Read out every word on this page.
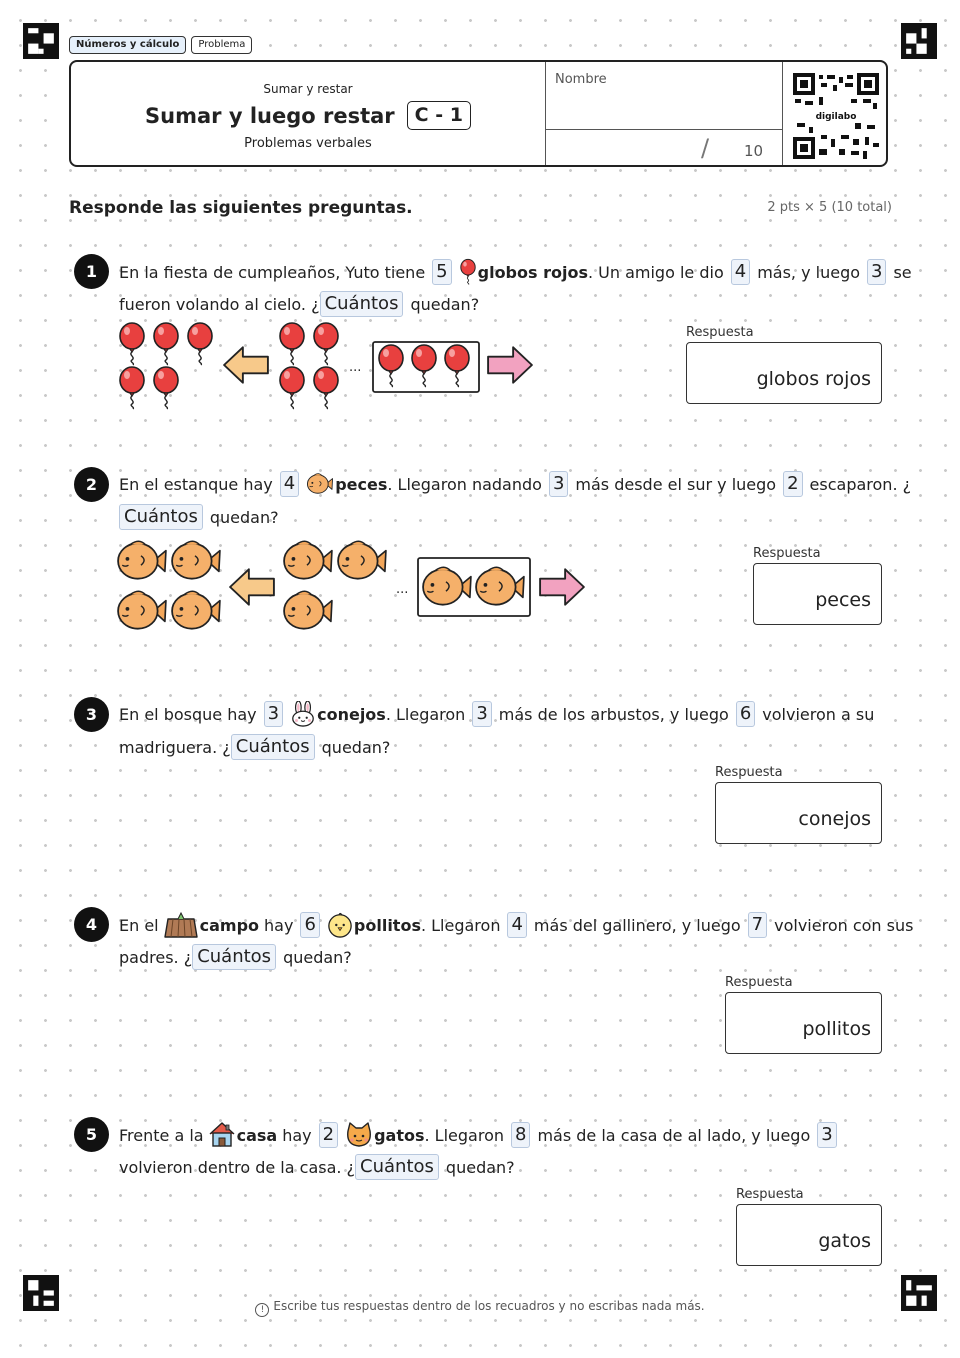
Números y cálculo	Problema
Sumar y restar
Sumar y luego restar	C - 1
Problemas verbales
Nombre
/ 10
digilabo
Responde las siguientes preguntas.	2 pts × 5 (10 total)
1	En la fiesta de cumpleaños, Yuto tiene 5 globos rojos . Un amigo le dio 4 más, y luego 3 se
fueron volando al cielo. ¿ Cuántos quedan?
...
Respuesta
globos rojos
2	En el estanque hay 4	peces . Llegaron nadando 3 más desde el sur y luego 2 escaparon. ¿
Cuántos quedan?
...
Respuesta
peces
3	En el bosque hay 3 conejos . Llegaron 3 más de los arbustos, y luego 6 volvieron a su
madriguera. ¿ Cuántos quedan?
Respuesta
conejos
4	En el	campo hay 6 pollitos . Llegaron 4 más del gallinero, y luego 7 volvieron con sus
padres. ¿ Cuántos quedan?
Respuesta
pollitos
5	Frente a la casa hay 2	gatos . Llegaron 8 más de la casa de al lado, y luego 3
volvieron dentro de la casa. ¿ Cuántos quedan?
Respuesta
gatos
! Escribe tus respuestas dentro de los recuadros y no escribas nada más.
